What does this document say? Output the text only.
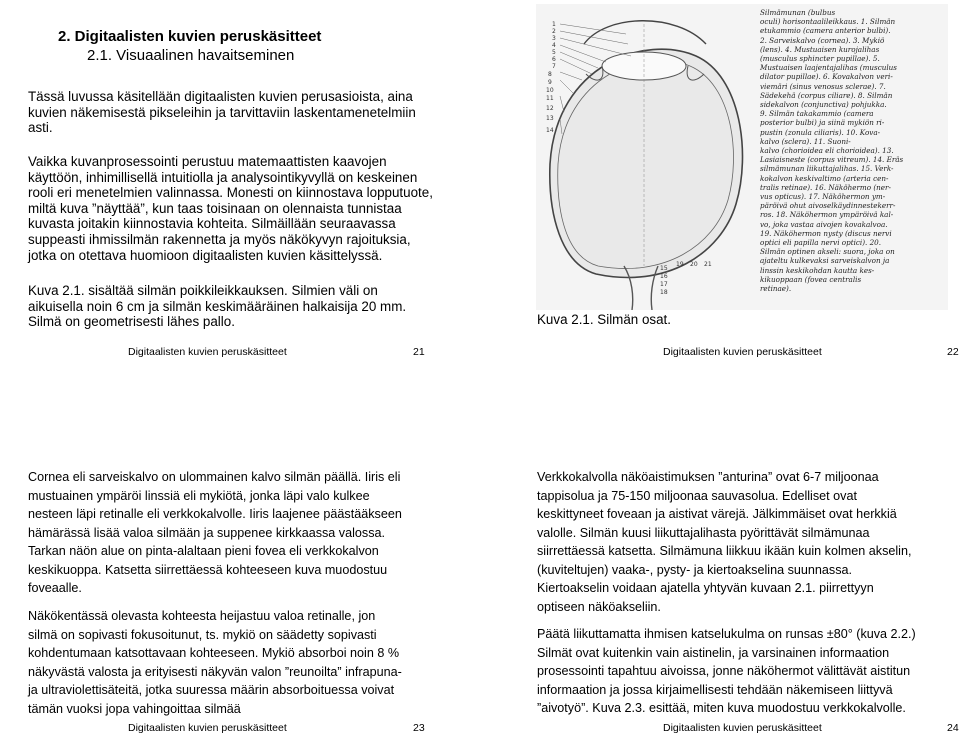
2. Digitaalisten kuvien peruskäsitteet
2.1. Visuaalinen havaitseminen
Tässä luvussa käsitellään digitaalisten kuvien perusasioista, aina
kuvien näkemisestä pikseleihin ja tarvittaviin laskentamenetelmiin
asti.
Vaikka kuvanprosessointi perustuu matemaattisten kaavojen
käyttöön, inhimillisellä intuitiolla ja analysointikyvyllä on keskeinen
rooli eri menetelmien valinnassa. Monesti on kiinnostava lopputuote,
miltä kuva ”näyttää”, kun taas toisinaan on olennaista tunnistaa
kuvasta joitakin kiinnostavia kohteita. Silmäillään seuraavassa
suppeasti ihmissilmän rakennetta ja myös näkökyvyn rajoituksia,
jotka on otettava huomioon digitaalisten kuvien käsittelyssä.
Kuva 2.1. sisältää silmän poikkileikkauksen. Silmien väli on
aikuisella noin 6 cm ja silmän keskimääräinen halkaisija 20 mm.
Silmä on geometrisesti lähes pallo.
Digitaalisten kuvien peruskäsitteet	21
1
2
3
4
5
6
7
8
9
10
11
12
13
14
15
16
17
18
19 20 21
Silmämunan (bulbus
oculi) horisontaalileikkaus. 1. Silmän
etukammio (camera anterior bulbi).
2. Sarveiskalvo (cornea). 3. Mykiö
(lens). 4. Mustuaisen kurojalihas
(musculus sphincter pupillae). 5.
Mustuaisen laajentajalihas (musculus
dilator pupillae). 6. Kovakalvon veri-
viemäri (sinus venosus sclerae). 7.
Sädekehä (corpus ciliare). 8. Silmän
sidekalvon (conjunctiva) pohjukka.
9. Silmän takakammio (camera
posterior bulbi) ja siinä mykiön ri-
pustin (zonula ciliaris). 10. Kova-
kalvo (sclera). 11. Suoni-
kalvo (chorioidea eli chorioidea). 13.
Lasiaisneste (corpus vitreum). 14. Eräs
silmämunan liikuttajalihas. 15. Verk-
kokalvon keskivaltimo (arteria cen-
tralis retinae). 16. Näköhermo (ner-
vus opticus). 17. Näköhermon ym-
päröivä ohut aivoselkäydinnestekerr-
ros. 18. Näköhermon ympäröivä kal-
vo, joka vastaa aivojen kovakalvoa.
19. Näköhermon nysty (discus nervi
optici eli papilla nervi optici). 20.
Silmän optinen akseli: suora, joka on
ajateltu kulkevaksi sarveiskalvon ja
linssin keskikohdan kautta kes-
kikuoppaan (fovea centralis
retinae).
Kuva 2.1. Silmän osat.
Digitaalisten kuvien peruskäsitteet	22
Cornea eli sarveiskalvo on ulommainen kalvo silmän päällä. Iiris eli
mustuainen ympäröi linssiä eli mykiötä, jonka läpi valo kulkee
nesteen läpi retinalle eli verkkokalvolle. Iiris laajenee päästääkseen
hämärässä lisää valoa silmään ja suppenee kirkkaassa valossa.
Tarkan näön alue on pinta-alaltaan pieni fovea eli verkkokalvon
keskikuoppa. Katsetta siirrettäessä kohteeseen kuva muodostuu
foveaalle.
Näkökentässä olevasta kohteesta heijastuu valoa retinalle, jon
silmä on sopivasti fokusoitunut, ts. mykiö on säädetty sopivasti
kohdentumaan katsottavaan kohteeseen. Mykiö absorboi noin 8 %
näkyvästä valosta ja erityisesti näkyvän valon ”reunoilta” infrapuna-
ja ultraviolettisäteitä, jotka suuressa määrin absorboituessa voivat
tämän vuoksi jopa vahingoittaa silmää
Digitaalisten kuvien peruskäsitteet	23
Verkkokalvolla näköaistimuksen ”anturina” ovat 6-7 miljoonaa
tappisolua ja 75-150 miljoonaa sauvasolua. Edelliset ovat
keskittyneet foveaan ja aistivat värejä. Jälkimmäiset ovat herkkiä
valolle. Silmän kuusi liikuttajalihasta pyörittävät silmämunaa
siirrettäessä katsetta. Silmämuna liikkuu ikään kuin kolmen akselin,
(kuviteltujen) vaaka-, pysty- ja kiertoakselina suunnassa.
Kiertoakselin voidaan ajatella yhtyvän kuvaan 2.1. piirrettyyn
optiseen näköakseliin.
Päätä liikuttamatta ihmisen katselukulma on runsas ±80° (kuva 2.2.)
Silmät ovat kuitenkin vain aistinelin, ja varsinainen informaation
prosessointi tapahtuu aivoissa, jonne näköhermot välittävät aistitun
informaation ja jossa kirjaimellisesti tehdään näkemiseen liittyvä
”aivotyö”. Kuva 2.3. esittää, miten kuva muodostuu verkkokalvolle.
Digitaalisten kuvien peruskäsitteet	24
